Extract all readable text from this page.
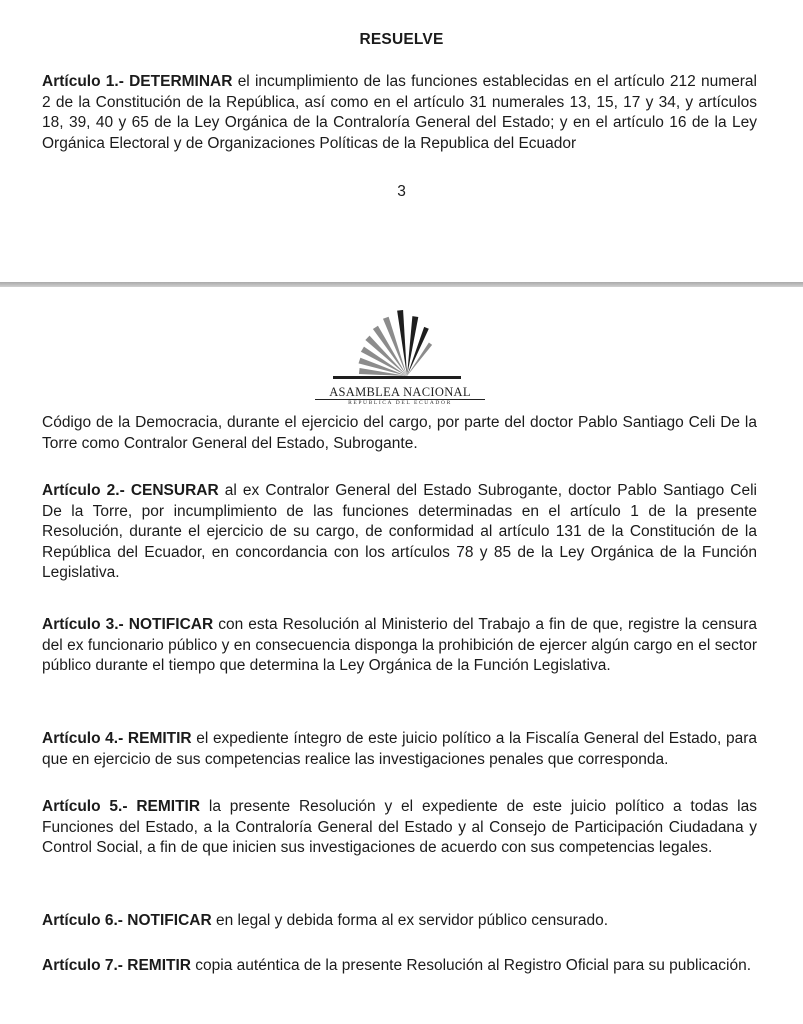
RESUELVE

Artículo 1.- DETERMINAR el incumplimiento de las funciones establecidas en el artículo 212 numeral 2 de la Constitución de la República, así como en el artículo 31 numerales 13, 15, 17 y 34, y artículos 18, 39, 40 y 65 de la Ley Orgánica de la Contraloría General del Estado; y en el artículo 16 de la Ley Orgánica Electoral y de Organizaciones Políticas de la Republica del Ecuador

3
ASAMBLEA NACIONAL
REPÚBLICA DEL ECUADOR

Código de la Democracia, durante el ejercicio del cargo, por parte del doctor Pablo Santiago Celi De la Torre como Contralor General del Estado, Subrogante.

Artículo 2.- CENSURAR al ex Contralor General del Estado Subrogante, doctor Pablo Santiago Celi De la Torre, por incumplimiento de las funciones determinadas en el artículo 1 de la presente Resolución, durante el ejercicio de su cargo, de conformidad al artículo 131 de la Constitución de la República del Ecuador, en concordancia con los artículos 78 y 85 de la Ley Orgánica de la Función Legislativa.

Artículo 3.- NOTIFICAR con esta Resolución al Ministerio del Trabajo a fin de que, registre la censura del ex funcionario público y en consecuencia disponga la prohibición de ejercer algún cargo en el sector público durante el tiempo que determina la Ley Orgánica de la Función Legislativa.

Artículo 4.- REMITIR el expediente íntegro de este juicio político a la Fiscalía General del Estado, para que en ejercicio de sus competencias realice las investigaciones penales que corresponda.

Artículo 5.- REMITIR la presente Resolución y el expediente de este juicio político a todas las Funciones del Estado, a la Contraloría General del Estado y al Consejo de Participación Ciudadana y Control Social, a fin de que inicien sus investigaciones de acuerdo con sus competencias legales.

Artículo 6.- NOTIFICAR en legal y debida forma al ex servidor público censurado.

Artículo 7.- REMITIR copia auténtica de la presente Resolución al Registro Oficial para su publicación.
